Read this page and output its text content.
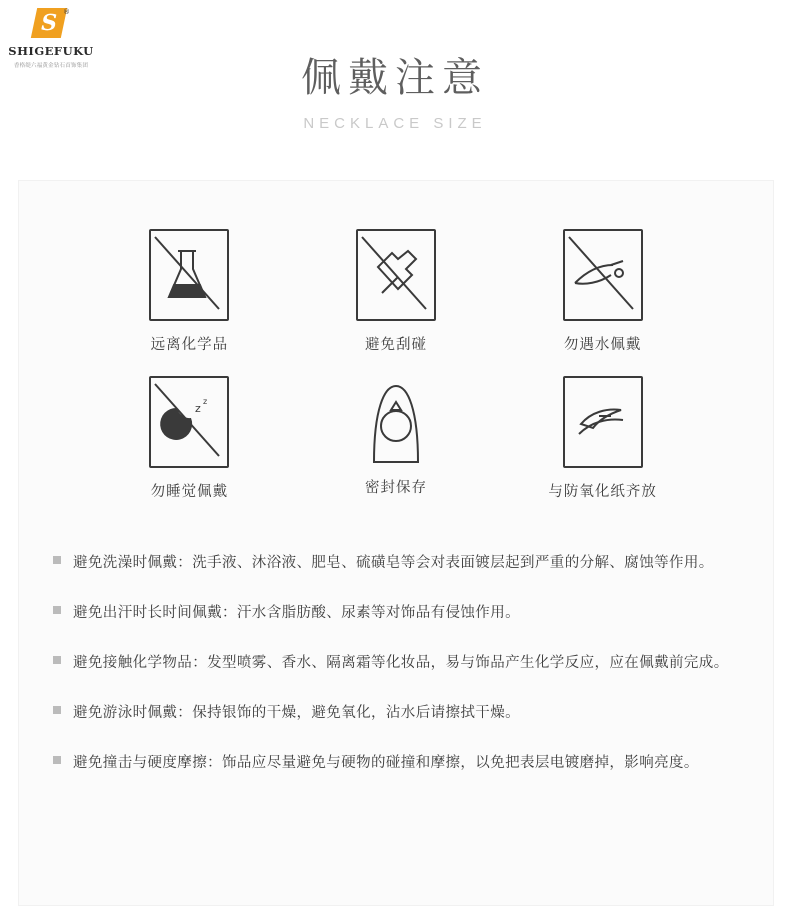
S ®
SHIGEFUKU
香格缇六福黄金钻石首饰集团	佩戴注意
NECKLACE SIZE
远离化学品	避免刮碰	勿遇水佩戴
z
z
勿睡觉佩戴	密封保存	与防氧化纸齐放
避免洗澡时佩戴：洗手液、沐浴液、肥皂、硫磺皂等会对表面镀层起到严重的分解、腐蚀等作用。
避免出汗时长时间佩戴：汗水含脂肪酸、尿素等对饰品有侵蚀作用。
避免接触化学物品：发型喷雾、香水、隔离霜等化妆品，易与饰品产生化学反应，应在佩戴前完成。
避免游泳时佩戴：保持银饰的干燥，避免氧化，沾水后请擦拭干燥。
避免撞击与硬度摩擦：饰品应尽量避免与硬物的碰撞和摩擦，以免把表层电镀磨掉，影响亮度。
